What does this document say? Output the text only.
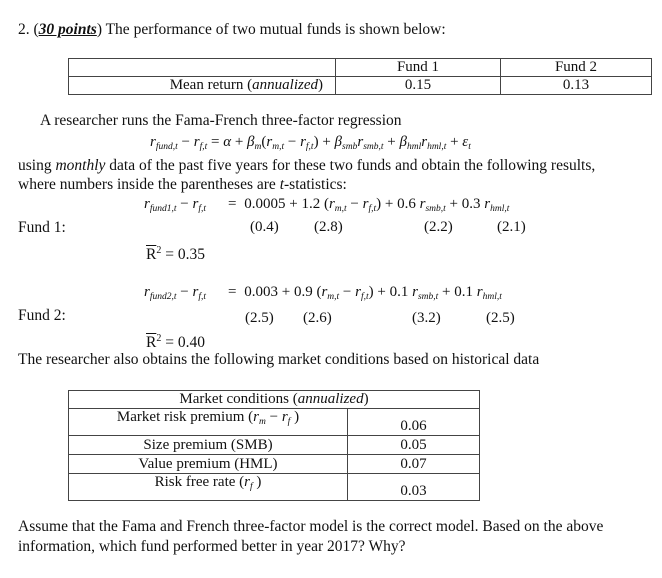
2. (30 points) The performance of two mutual funds is shown below:
	Fund 1	Fund 2
Mean return (annualized)	0.15	0.13
A researcher runs the Fama-French three-factor regression
$r_{fund,t} - r_{f,t} = \alpha + \beta_m(r_{m,t} - r_{f,t}) + \beta_{smb}r_{smb,t} + \beta_{hml}r_{hml,t} + \varepsilon_t$
using monthly data of the past five years for these two funds and obtain the following results,
where numbers inside the parentheses are t-statistics:
$r_{fund1,t} - r_{f,t} = 0.0005 + 1.2$ $(r_{m,t} - r_{f,t}) + 0.6$ $r_{smb,t} + 0.3$ $r_{hml,t}$
Fund 1:	(0.4) (2.8)	(2.2)	(2.1)
$\overline{R}^2 = 0.35$
$r_{fund2,t} - r_{f,t} = 0.003 + 0.9$ $(r_{m,t} - r_{f,t}) + 0.1$ $r_{smb,t} + 0.1$ $r_{hml,t}$
Fund 2:	(2.5) (2.6)	(3.2)	(2.5)
$\overline{R}^2 = 0.40$
The researcher also obtains the following market conditions based on historical data
Market conditions (annualized)	
Market risk premium ($r_m - r_f$ )	0.06
Size premium (SMB)	0.05
Value premium (HML)	0.07
Risk free rate ($r_f$ )	0.03
Assume that the Fama and French three-factor model is the correct model. Based on the above
information, which fund performed better in year 2017? Why?
